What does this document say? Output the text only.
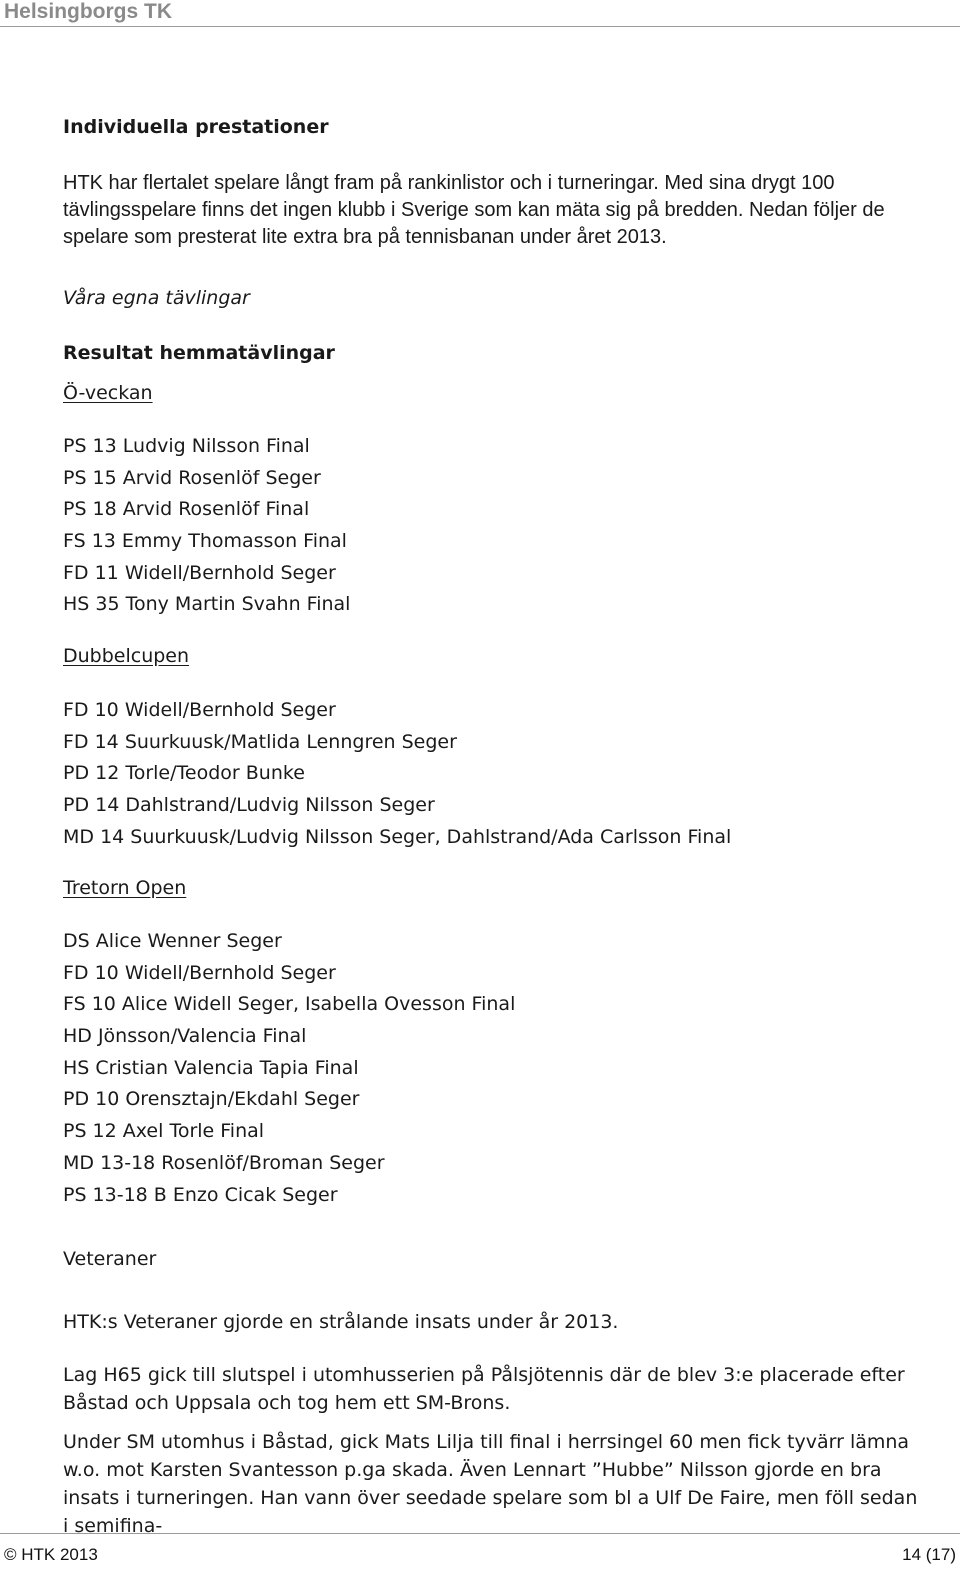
Helsingborgs TK
Individuella prestationer
HTK har flertalet spelare långt fram på rankinlistor och i turneringar. Med sina drygt 100 tävlingsspelare finns det ingen klubb i Sverige som kan mäta sig på bredden. Nedan följer de spelare som presterat lite extra bra på tennisbanan under året 2013.
Våra egna tävlingar
Resultat hemmatävlingar
Ö-veckan
PS 13 Ludvig Nilsson Final
PS 15 Arvid Rosenlöf Seger
PS 18 Arvid Rosenlöf Final
FS 13 Emmy Thomasson Final
FD 11 Widell/Bernhold Seger
HS 35 Tony Martin Svahn Final
Dubbelcupen
FD 10 Widell/Bernhold Seger
FD 14 Suurkuusk/Matlida Lenngren Seger
PD 12 Torle/Teodor Bunke
PD 14 Dahlstrand/Ludvig Nilsson Seger
MD 14 Suurkuusk/Ludvig Nilsson Seger, Dahlstrand/Ada Carlsson Final
Tretorn Open
DS Alice Wenner Seger
FD 10 Widell/Bernhold Seger
FS 10 Alice Widell Seger, Isabella Ovesson Final
HD Jönsson/Valencia Final
HS Cristian Valencia Tapia Final
PD 10 Orensztajn/Ekdahl Seger
PS 12 Axel Torle Final
MD 13-18 Rosenlöf/Broman Seger
PS 13-18 B Enzo Cicak Seger
Veteraner
HTK:s Veteraner gjorde en strålande insats under år 2013.
Lag H65 gick till slutspel i utomhusserien på Pålsjötennis där de blev 3:e placerade efter Båstad och Uppsala och tog hem ett SM-Brons.
Under SM utomhus i Båstad, gick Mats Lilja till final i herrsingel 60 men fick tyvärr lämna w.o. mot Karsten Svantesson p.ga skada. Även Lennart ”Hubbe” Nilsson gjorde en bra insats i turneringen. Han vann över seedade spelare som bl a Ulf De Faire, men föll sedan i semifina-
© HTK 2013	14 (17)
